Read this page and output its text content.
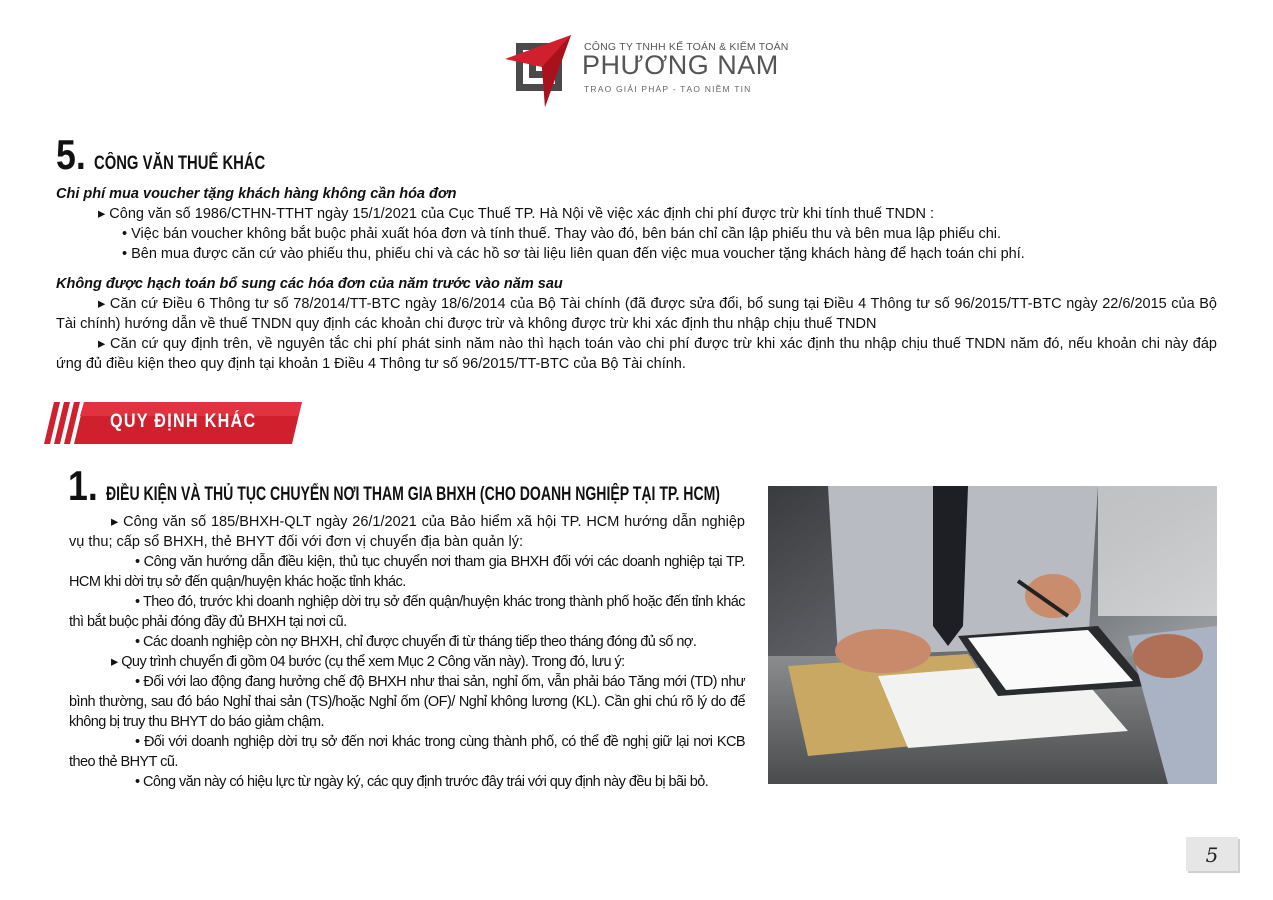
CÔNG TY TNHH KẾ TOÁN & KIỂM TOÁN
PHƯƠNG NAM
TRAO GIẢI PHÁP - TẠO NIỀM TIN
5. CÔNG VĂN THUẾ KHÁC
Chi phí mua voucher tặng khách hàng không cần hóa đơn
▸ Công văn số 1986/CTHN-TTHT ngày 15/1/2021 của Cục Thuế TP. Hà Nội về việc xác định chi phí được trừ khi tính thuế TNDN :
• Việc bán voucher không bắt buộc phải xuất hóa đơn và tính thuế. Thay vào đó, bên bán chỉ cần lập phiếu thu và bên mua lập phiếu chi.
• Bên mua được căn cứ vào phiếu thu, phiếu chi và các hồ sơ tài liệu liên quan đến việc mua voucher tặng khách hàng để hạch toán chi phí.
Không được hạch toán bổ sung các hóa đơn của năm trước vào năm sau
▸ Căn cứ Điều 6 Thông tư số 78/2014/TT-BTC ngày 18/6/2014 của Bộ Tài chính (đã được sửa đổi, bổ sung tại Điều 4 Thông tư số 96/2015/TT-BTC ngày 22/6/2015 của Bộ Tài chính) hướng dẫn về thuế TNDN quy định các khoản chi được trừ và không được trừ khi xác định thu nhập chịu thuế TNDN
▸ Căn cứ quy định trên, về nguyên tắc chi phí phát sinh năm nào thì hạch toán vào chi phí được trừ khi xác định thu nhập chịu thuế TNDN năm đó, nếu khoản chi này đáp ứng đủ điều kiện theo quy định tại khoản 1 Điều 4 Thông tư số 96/2015/TT-BTC của Bộ Tài chính.
QUY ĐỊNH KHÁC
1. ĐIỀU KIỆN VÀ THỦ TỤC CHUYỂN NƠI THAM GIA BHXH (CHO DOANH NGHIỆP TẠI TP. HCM)
▸ Công văn số 185/BHXH-QLT ngày 26/1/2021 của Bảo hiểm xã hội TP. HCM hướng dẫn nghiệp vụ thu; cấp sổ BHXH, thẻ BHYT đối với đơn vị chuyển địa bàn quản lý:
• Công văn hướng dẫn điều kiện, thủ tục chuyển nơi tham gia BHXH đối với các doanh nghiệp tại TP. HCM khi dời trụ sở đến quận/huyện khác hoặc tỉnh khác.
• Theo đó, trước khi doanh nghiệp dời trụ sở đến quận/huyện khác trong thành phố hoặc đến tỉnh khác thì bắt buộc phải đóng đầy đủ BHXH tại nơi cũ.
• Các doanh nghiệp còn nợ BHXH, chỉ được chuyển đi từ tháng tiếp theo tháng đóng đủ số nợ.
▸ Quy trình chuyển đi gồm 04 bước (cụ thể xem Mục 2 Công văn này). Trong đó, lưu ý:
• Đối với lao động đang hưởng chế độ BHXH như thai sản, nghỉ ốm, vẫn phải báo Tăng mới (TD) như bình thường, sau đó báo Nghỉ thai sản (TS)/hoặc Nghỉ ốm (OF)/ Nghỉ không lương (KL). Cần ghi chú rõ lý do để không bị truy thu BHYT do báo giảm chậm.
• Đối với doanh nghiệp dời trụ sở đến nơi khác trong cùng thành phố, có thể đề nghị giữ lại nơi KCB theo thẻ BHYT cũ.
• Công văn này có hiệu lực từ ngày ký, các quy định trước đây trái với quy định này đều bị bãi bỏ.
5
